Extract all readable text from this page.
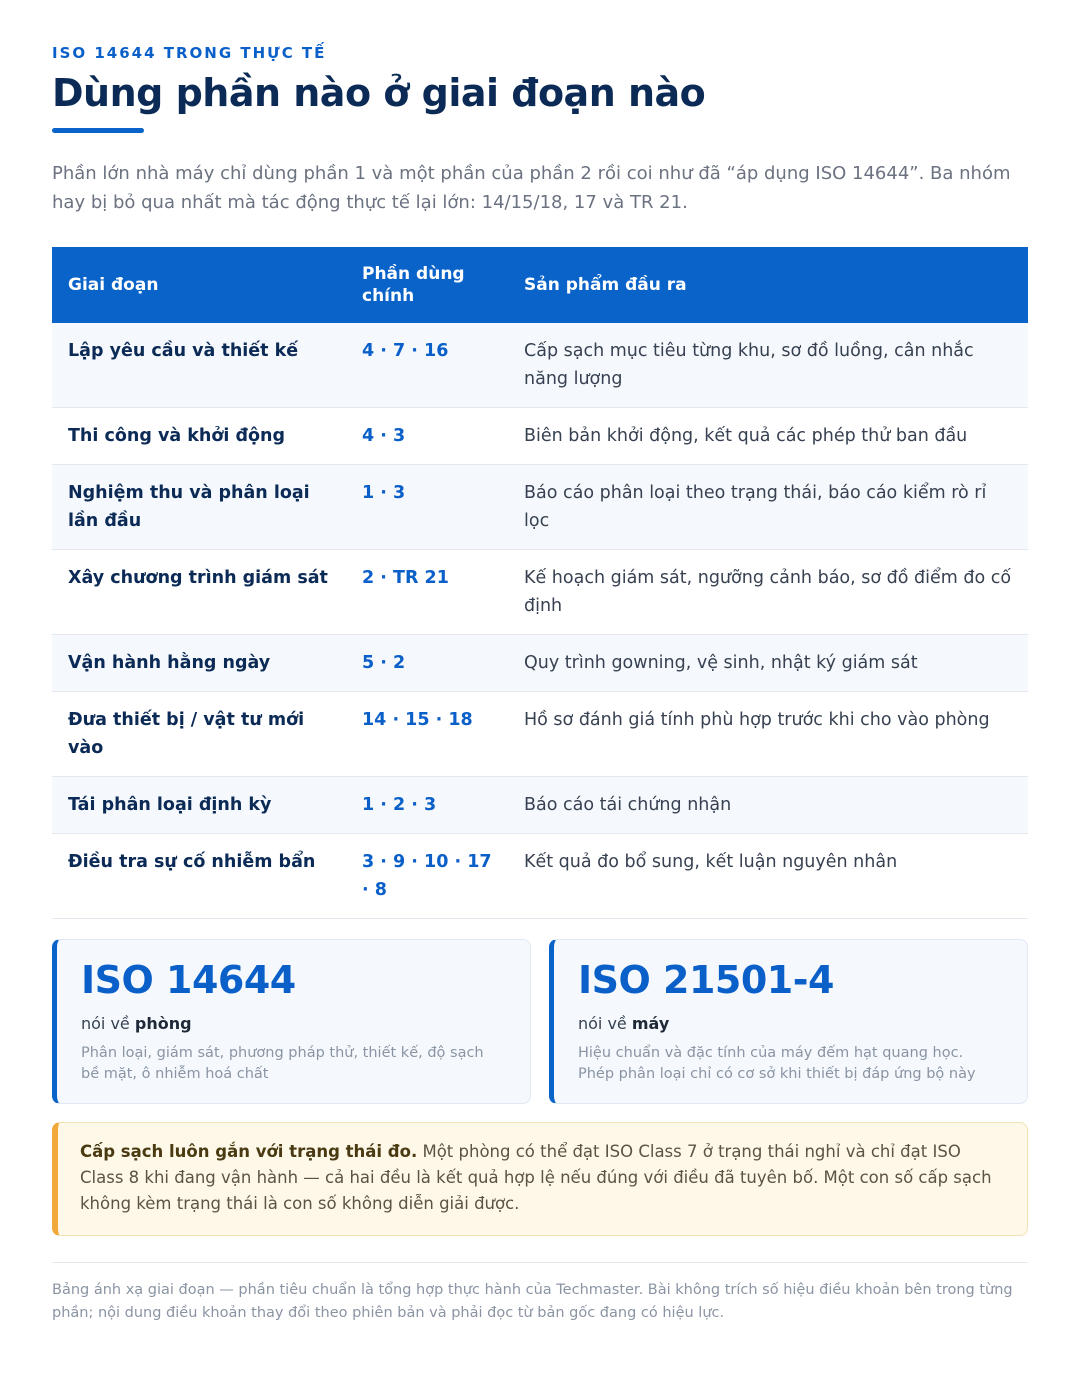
ISO 14644 TRONG THỰC TẾ
Dùng phần nào ở giai đoạn nào
Phần lớn nhà máy chỉ dùng phần 1 và một phần của phần 2 rồi coi như đã “áp dụng ISO 14644”. Ba nhóm hay bị bỏ qua nhất mà tác động thực tế lại lớn: 14/15/18, 17 và TR 21.
Giai đoạn	Phần dùng chính	Sản phẩm đầu ra
Lập yêu cầu và thiết kế	4 · 7 · 16	Cấp sạch mục tiêu từng khu, sơ đồ luồng, cân nhắc năng lượng
Thi công và khởi động	4 · 3	Biên bản khởi động, kết quả các phép thử ban đầu
Nghiệm thu và phân loại lần đầu	1 · 3	Báo cáo phân loại theo trạng thái, báo cáo kiểm rò rỉ lọc
Xây chương trình giám sát	2 · TR 21	Kế hoạch giám sát, ngưỡng cảnh báo, sơ đồ điểm đo cố định
Vận hành hằng ngày	5 · 2	Quy trình gowning, vệ sinh, nhật ký giám sát
Đưa thiết bị / vật tư mới vào	14 · 15 · 18	Hồ sơ đánh giá tính phù hợp trước khi cho vào phòng
Tái phân loại định kỳ	1 · 2 · 3	Báo cáo tái chứng nhận
Điều tra sự cố nhiễm bẩn	3 · 9 · 10 · 17 · 8	Kết quả đo bổ sung, kết luận nguyên nhân
ISO 14644
nói về phòng
Phân loại, giám sát, phương pháp thử, thiết kế, độ sạch bề mặt, ô nhiễm hoá chất
ISO 21501-4
nói về máy
Hiệu chuẩn và đặc tính của máy đếm hạt quang học. Phép phân loại chỉ có cơ sở khi thiết bị đáp ứng bộ này
Cấp sạch luôn gắn với trạng thái đo. Một phòng có thể đạt ISO Class 7 ở trạng thái nghỉ và chỉ đạt ISO Class 8 khi đang vận hành — cả hai đều là kết quả hợp lệ nếu đúng với điều đã tuyên bố. Một con số cấp sạch không kèm trạng thái là con số không diễn giải được.
Bảng ánh xạ giai đoạn — phần tiêu chuẩn là tổng hợp thực hành của Techmaster. Bài không trích số hiệu điều khoản bên trong từng phần; nội dung điều khoản thay đổi theo phiên bản và phải đọc từ bản gốc đang có hiệu lực.
